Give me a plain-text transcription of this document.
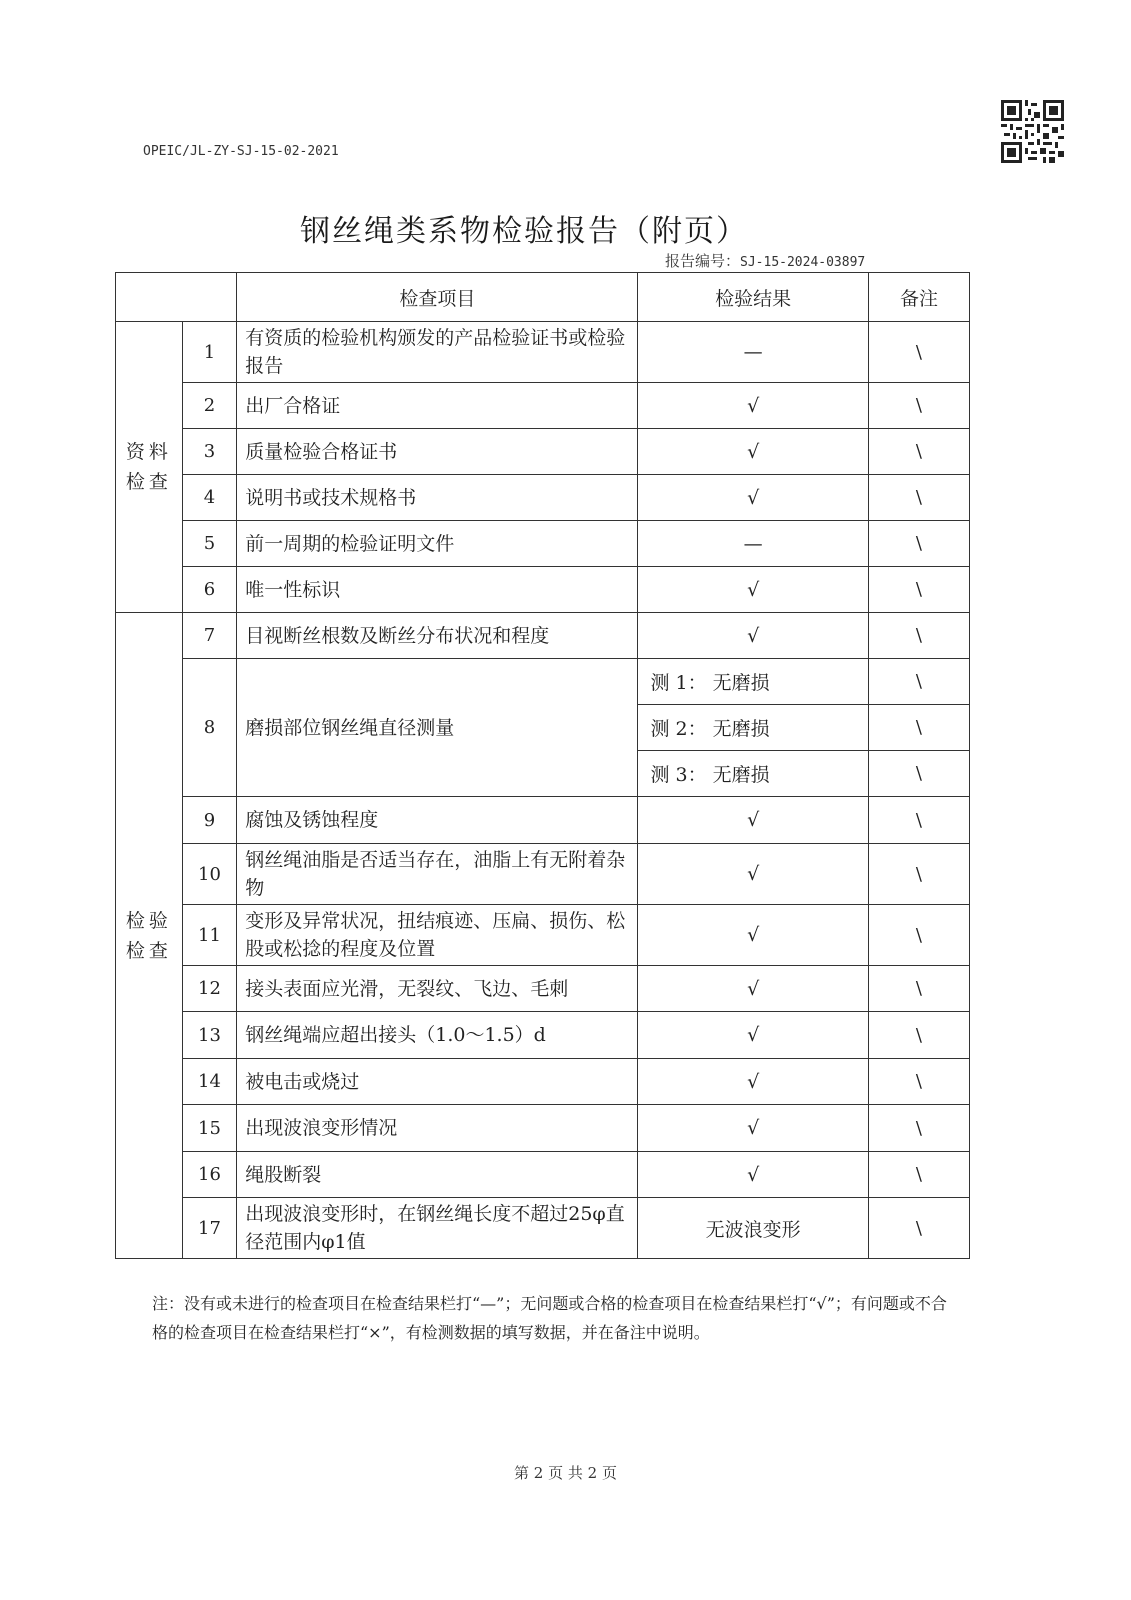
OPEIC/JL-ZY-SJ-15-02-2021
钢丝绳类系物检验报告（附页）
报告编号：SJ-15-2024-03897
		检查项目	检验结果	备注
资料检查	1	有资质的检验机构颁发的产品检验证书或检验报告	—	\
	2	出厂合格证	√	\
	3	质量检验合格证书	√	\
	4	说明书或技术规格书	√	\
	5	前一周期的检验证明文件	—	\
	6	唯一性标识	√	\
检验检查	7	目视断丝根数及断丝分布状况和程度	√	\
	8	磨损部位钢丝绳直径测量	测 1： 无磨损	\
			测 2： 无磨损	\
			测 3： 无磨损	\
	9	腐蚀及锈蚀程度	√	\
	10	钢丝绳油脂是否适当存在，油脂上有无附着杂物	√	\
	11	变形及异常状况，扭结痕迹、压扁、损伤、松股或松捻的程度及位置	√	\
	12	接头表面应光滑，无裂纹、飞边、毛刺	√	\
	13	钢丝绳端应超出接头（1.0～1.5）d	√	\
	14	被电击或烧过	√	\
	15	出现波浪变形情况	√	\
	16	绳股断裂	√	\
	17	出现波浪变形时，在钢丝绳长度不超过25φ直径范围内φ1值	无波浪变形	\
注：没有或未进行的检查项目在检查结果栏打“—”；无问题或合格的检查项目在检查结果栏打“√”；有问题或不合格的检查项目在检查结果栏打“×”，有检测数据的填写数据，并在备注中说明。
第 2 页 共 2 页
